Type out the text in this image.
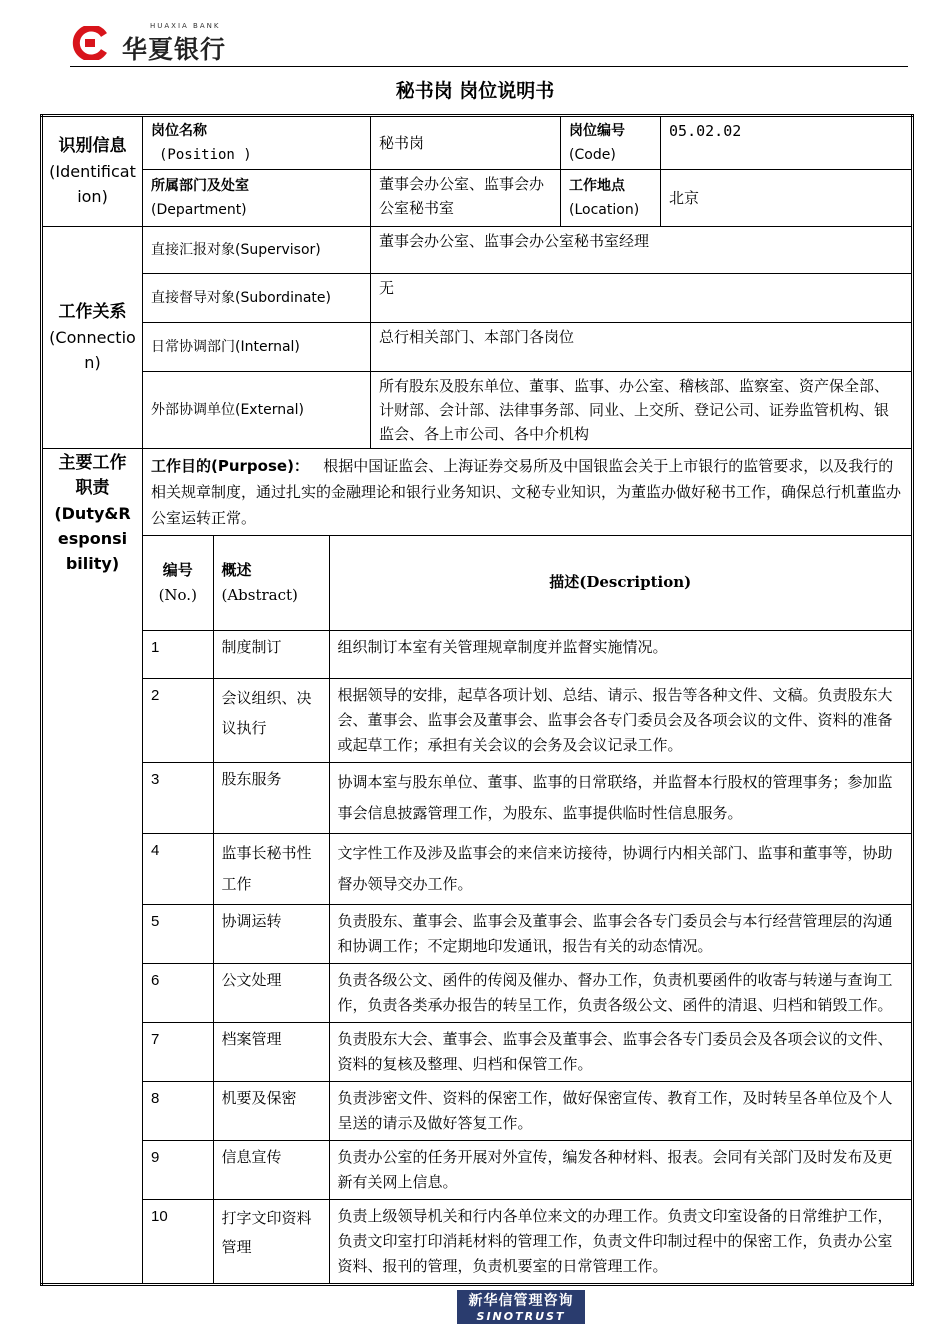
HUAXIA BANK
华夏银行
秘书岗 岗位说明书
识别信息
(Identification)
	岗位名称
(Position )	秘书岗	岗位编号
(Code)	05.02.02
所属部门及处室
(Department)	董事会办公室、监事会办公室秘书室	工作地点
(Location)	北京

工作关系
(Connection)
	直接汇报对象(Supervisor)	董事会办公室、监事会办公室秘书室经理
直接督导对象(Subordinate)	无
日常协调部门(Internal)	总行相关部门、本部门各岗位
外部协调单位(External)	所有股东及股东单位、董事、监事、办公室、稽核部、监察室、资产保全部、计财部、会计部、法律事务部、同业、上交所、登记公司、证券监管机构、银监会、各上市公司、各中介机构

主要工作职责
(Duty&Responsibility)
	工作目的(Purpose)： 根据中国证监会、上海证券交易所及中国银监会关于上市银行的监管要求，以及我行的相关规章制度，通过扎实的金融理论和银行业务知识、文秘专业知识，为董监办做好秘书工作，确保总行机董监办公室运转正常。

编号
(No.)	概述
(Abstract)	描述(Description)
1	制度制订	组织制订本室有关管理规章制度并监督实施情况。
2	会议组织、决议执行	根据领导的安排，起草各项计划、总结、请示、报告等各种文件、文稿。负责股东大会、董事会、监事会及董事会、监事会各专门委员会及各项会议的文件、资料的准备或起草工作；承担有关会议的会务及会议记录工作。
3	股东服务	协调本室与股东单位、董事、监事的日常联络，并监督本行股权的管理事务；参加监事会信息披露管理工作，为股东、监事提供临时性信息服务。
4	监事长秘书性工作	文字性工作及涉及监事会的来信来访接待，协调行内相关部门、监事和董事等，协助督办领导交办工作。
5	协调运转	负责股东、董事会、监事会及董事会、监事会各专门委员会与本行经营管理层的沟通和协调工作；不定期地印发通讯，报告有关的动态情况。
6	公文处理	负责各级公文、函件的传阅及催办、督办工作，负责机要函件的收寄与转递与查询工作，负责各类承办报告的转呈工作，负责各级公文、函件的清退、归档和销毁工作。
7	档案管理	负责股东大会、董事会、监事会及董事会、监事会各专门委员会及各项会议的文件、资料的复核及整理、归档和保管工作。
8	机要及保密	负责涉密文件、资料的保密工作，做好保密宣传、教育工作，及时转呈各单位及个人呈送的请示及做好答复工作。
9	信息宣传	负责办公室的任务开展对外宣传，编发各种材料、报表。会同有关部门及时发布及更新有关网上信息。
10	打字文印资料管理	负责上级领导机关和行内各单位来文的办理工作。负责文印室设备的日常维护工作，负责文印室打印消耗材料的管理工作，负责文件印制过程中的保密工作，负责办公室资料、报刊的管理，负责机要室的日常管理工作。
新华信管理咨询
SINOTRUST
